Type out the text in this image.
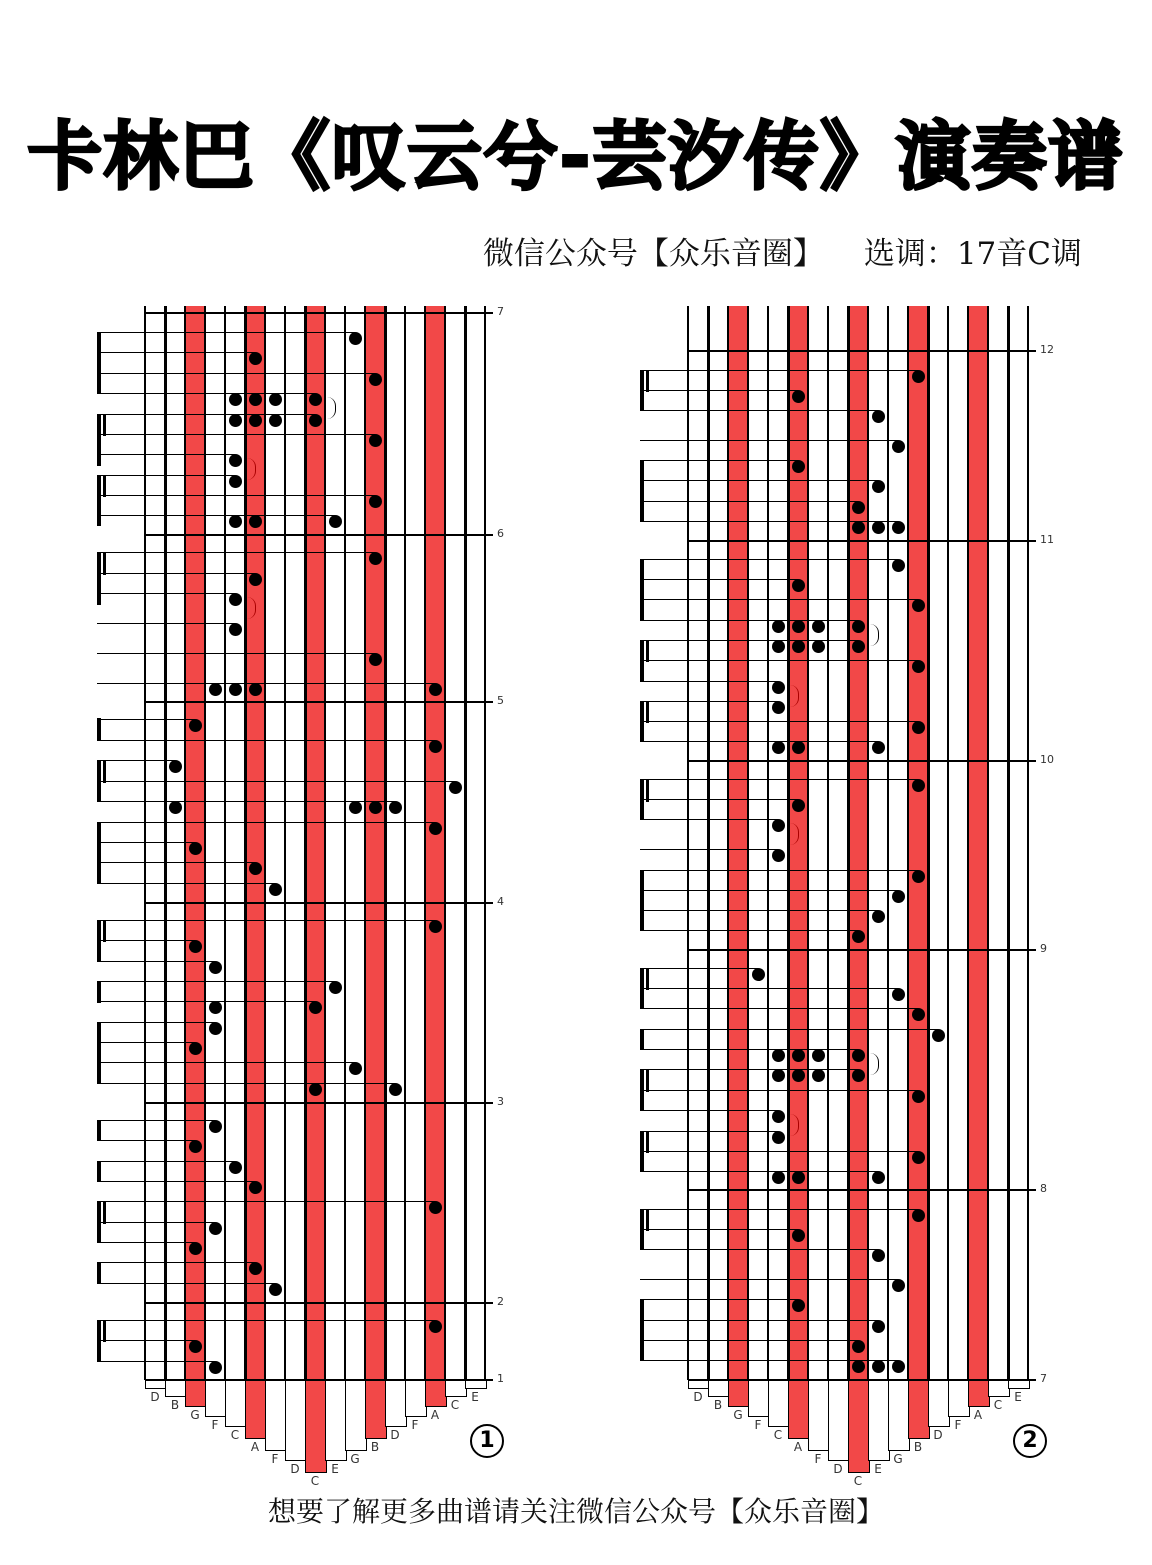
卡林巴《叹云兮-芸汐传》演奏谱
微信公众号【众乐音圈】 选调：17音C调
D
B
G
F
C
A
F
D
C
E
G
B
D
F
A
C
E
7
6
5
4
3
2
1
1
D
B
G
F
C
A
F
D
C
E
G
B
D
F
A
C
E
12
11
10
9
8
7
2
想要了解更多曲谱请关注微信公众号【众乐音圈】
